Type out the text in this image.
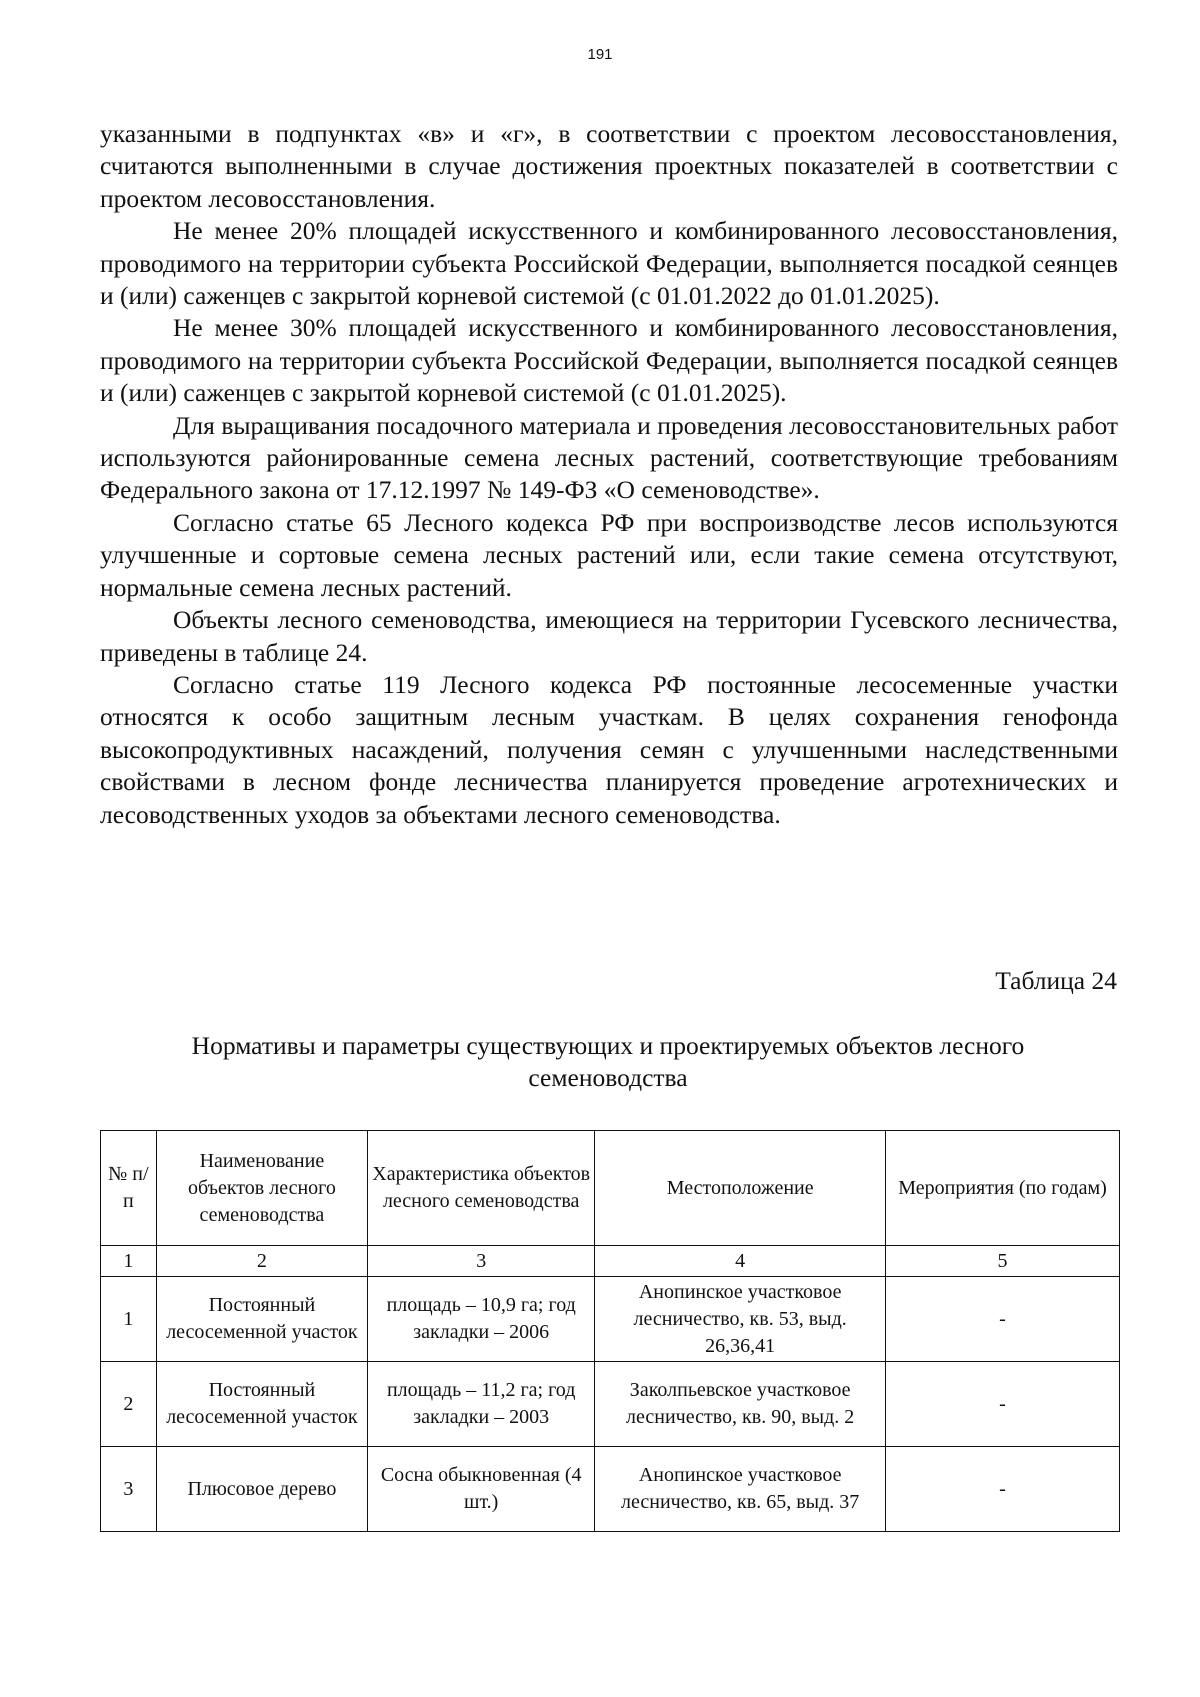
191

указанными в подпунктах «в» и «г», в соответствии с проектом лесовосстановления, считаются выполненными в случае достижения проектных показателей в соответствии с проектом лесовосстановления.

Не менее 20% площадей искусственного и комбинированного лесовосстановления, проводимого на территории субъекта Российской Федерации, выполняется посадкой сеянцев и (или) саженцев с закрытой корневой системой (с 01.01.2022 до 01.01.2025).

Не менее 30% площадей искусственного и комбинированного лесовосстановления, проводимого на территории субъекта Российской Федерации, выполняется посадкой сеянцев и (или) саженцев с закрытой корневой системой (с 01.01.2025).

Для выращивания посадочного материала и проведения лесовосстановительных работ используются районированные семена лесных растений, соответствующие требованиям Федерального закона от 17.12.1997 № 149-ФЗ «О семеноводстве».

Согласно статье 65 Лесного кодекса РФ при воспроизводстве лесов используются улучшенные и сортовые семена лесных растений или, если такие семена отсутствуют, нормальные семена лесных растений.

Объекты лесного семеноводства, имеющиеся на территории Гусевского лесничества, приведены в таблице 24.

Согласно статье 119 Лесного кодекса РФ постоянные лесосеменные участки относятся к особо защитным лесным участкам. В целях сохранения генофонда высокопродуктивных насаждений, получения семян с улучшенными наследственными свойствами в лесном фонде лесничества планируется проведение агротехнических и лесоводственных уходов за объектами лесного семеноводства.

Таблица 24
Нормативы и параметры существующих и проектируемых объектов лесного семеноводства
№ п/п	Наименование объектов лесного семеноводства	Характеристика объектов лесного семеноводства	Местоположение	Мероприятия (по годам)
1	2	3	4	5
1	Постоянный лесосеменной участок	площадь – 10,9 га; год закладки – 2006	Анопинское участковое лесничество, кв. 53, выд. 26,36,41	-
2	Постоянный лесосеменной участок	площадь – 11,2 га; год закладки – 2003	Заколпьевское участковое лесничество, кв. 90, выд. 2	-
3	Плюсовое дерево	Сосна обыкновенная (4 шт.)	Анопинское участковое лесничество, кв. 65, выд. 37	-
